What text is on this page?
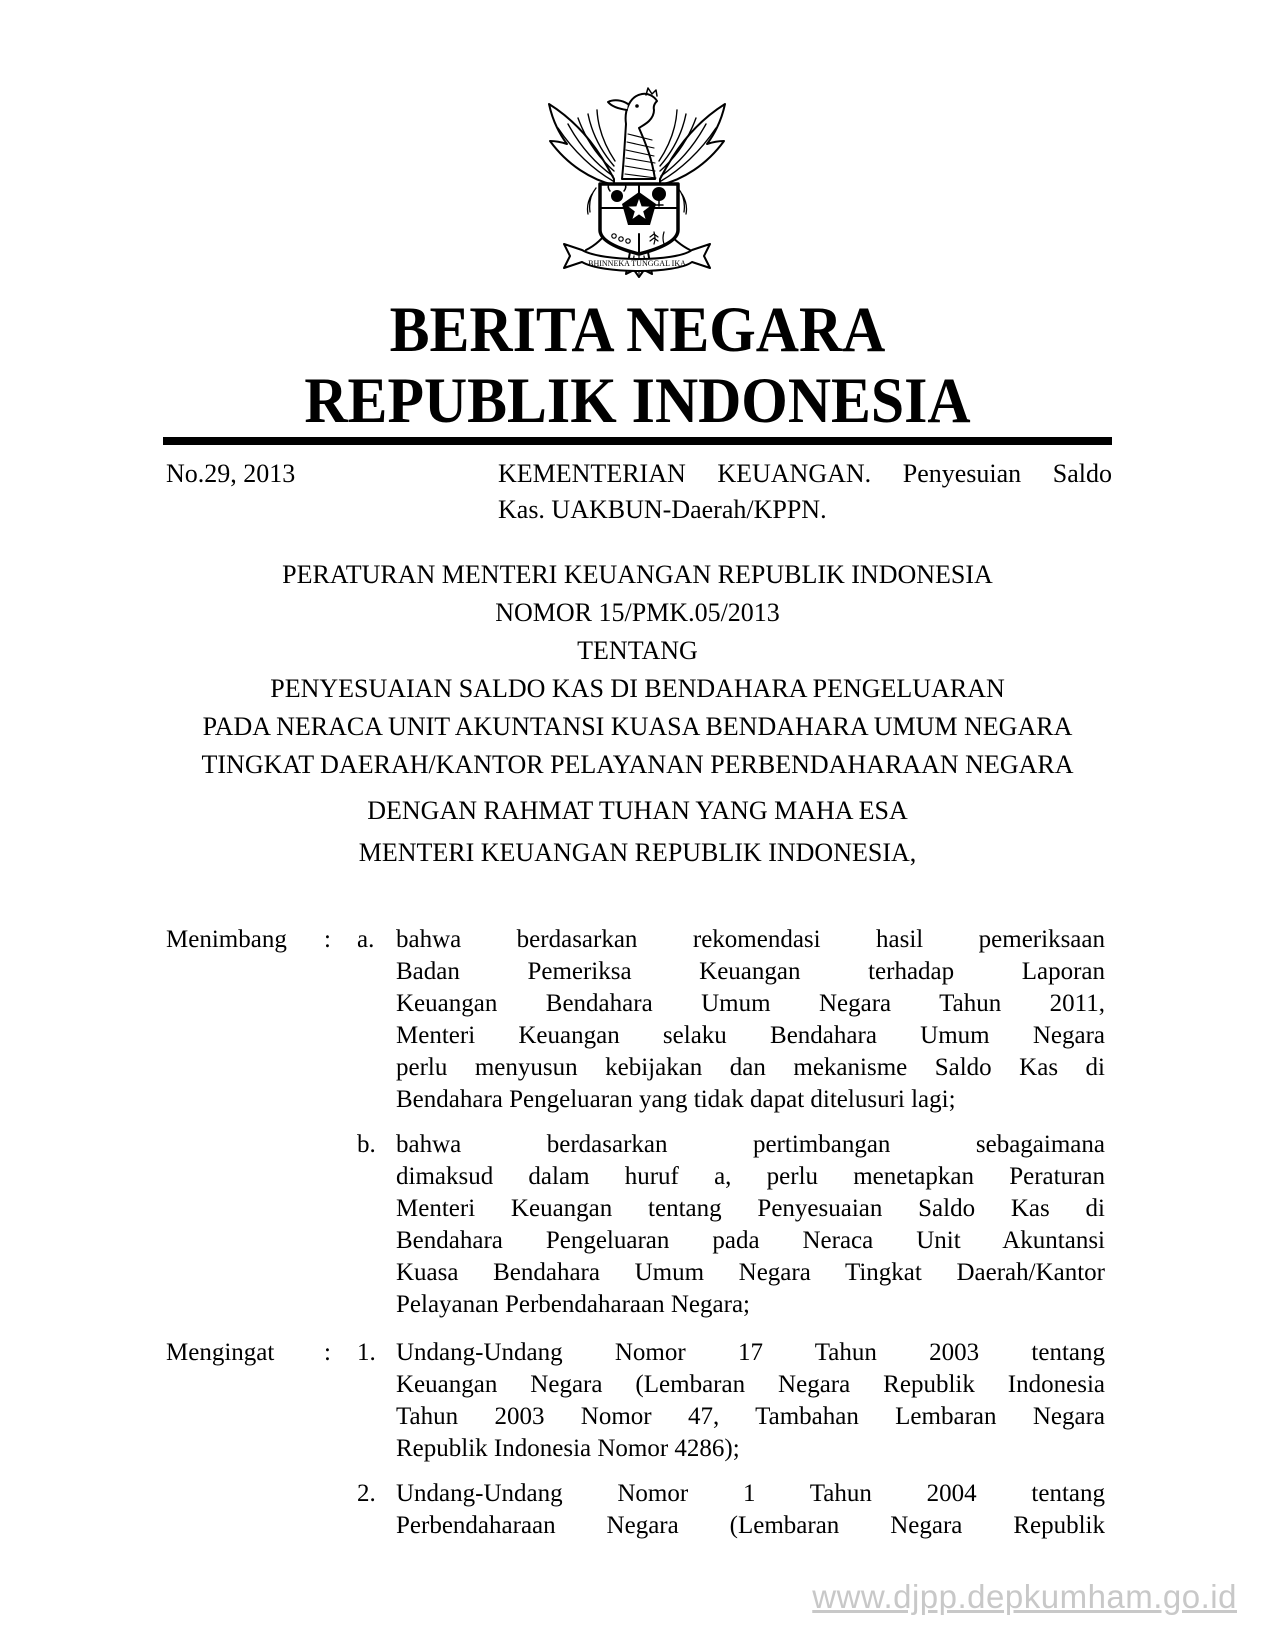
BHINNEKA TUNGGAL IKA
BERITA NEGARA
REPUBLIK INDONESIA
No.29, 2013	KEMENTERIAN KEUANGAN. Penyesuian Saldo
Kas. UAKBUN-Daerah/KPPN.
PERATURAN MENTERI KEUANGAN REPUBLIK INDONESIA
NOMOR 15/PMK.05/2013
TENTANG
PENYESUAIAN SALDO KAS DI BENDAHARA PENGELUARAN
PADA NERACA UNIT AKUNTANSI KUASA BENDAHARA UMUM NEGARA
TINGKAT DAERAH/KANTOR PELAYANAN PERBENDAHARAAN NEGARA
DENGAN RAHMAT TUHAN YANG MAHA ESA
MENTERI KEUANGAN REPUBLIK INDONESIA,
Menimbang : a. bahwa berdasarkan rekomendasi hasil pemeriksaan
Badan Pemeriksa Keuangan terhadap Laporan
Keuangan Bendahara Umum Negara Tahun 2011,
Menteri Keuangan selaku Bendahara Umum Negara
perlu menyusun kebijakan dan mekanisme Saldo Kas di
Bendahara Pengeluaran yang tidak dapat ditelusuri lagi;
b. bahwa berdasarkan pertimbangan sebagaimana
dimaksud dalam huruf a, perlu menetapkan Peraturan
Menteri Keuangan tentang Penyesuaian Saldo Kas di
Bendahara Pengeluaran pada Neraca Unit Akuntansi
Kuasa Bendahara Umum Negara Tingkat Daerah/Kantor
Pelayanan Perbendaharaan Negara;
Mengingat : 1. Undang-Undang Nomor 17 Tahun 2003 tentang
Keuangan Negara (Lembaran Negara Republik Indonesia
Tahun 2003 Nomor 47, Tambahan Lembaran Negara
Republik Indonesia Nomor 4286);
2. Undang-Undang Nomor 1 Tahun 2004 tentang
Perbendaharaan Negara (Lembaran Negara Republik
www.djpp.depkumham.go.id
